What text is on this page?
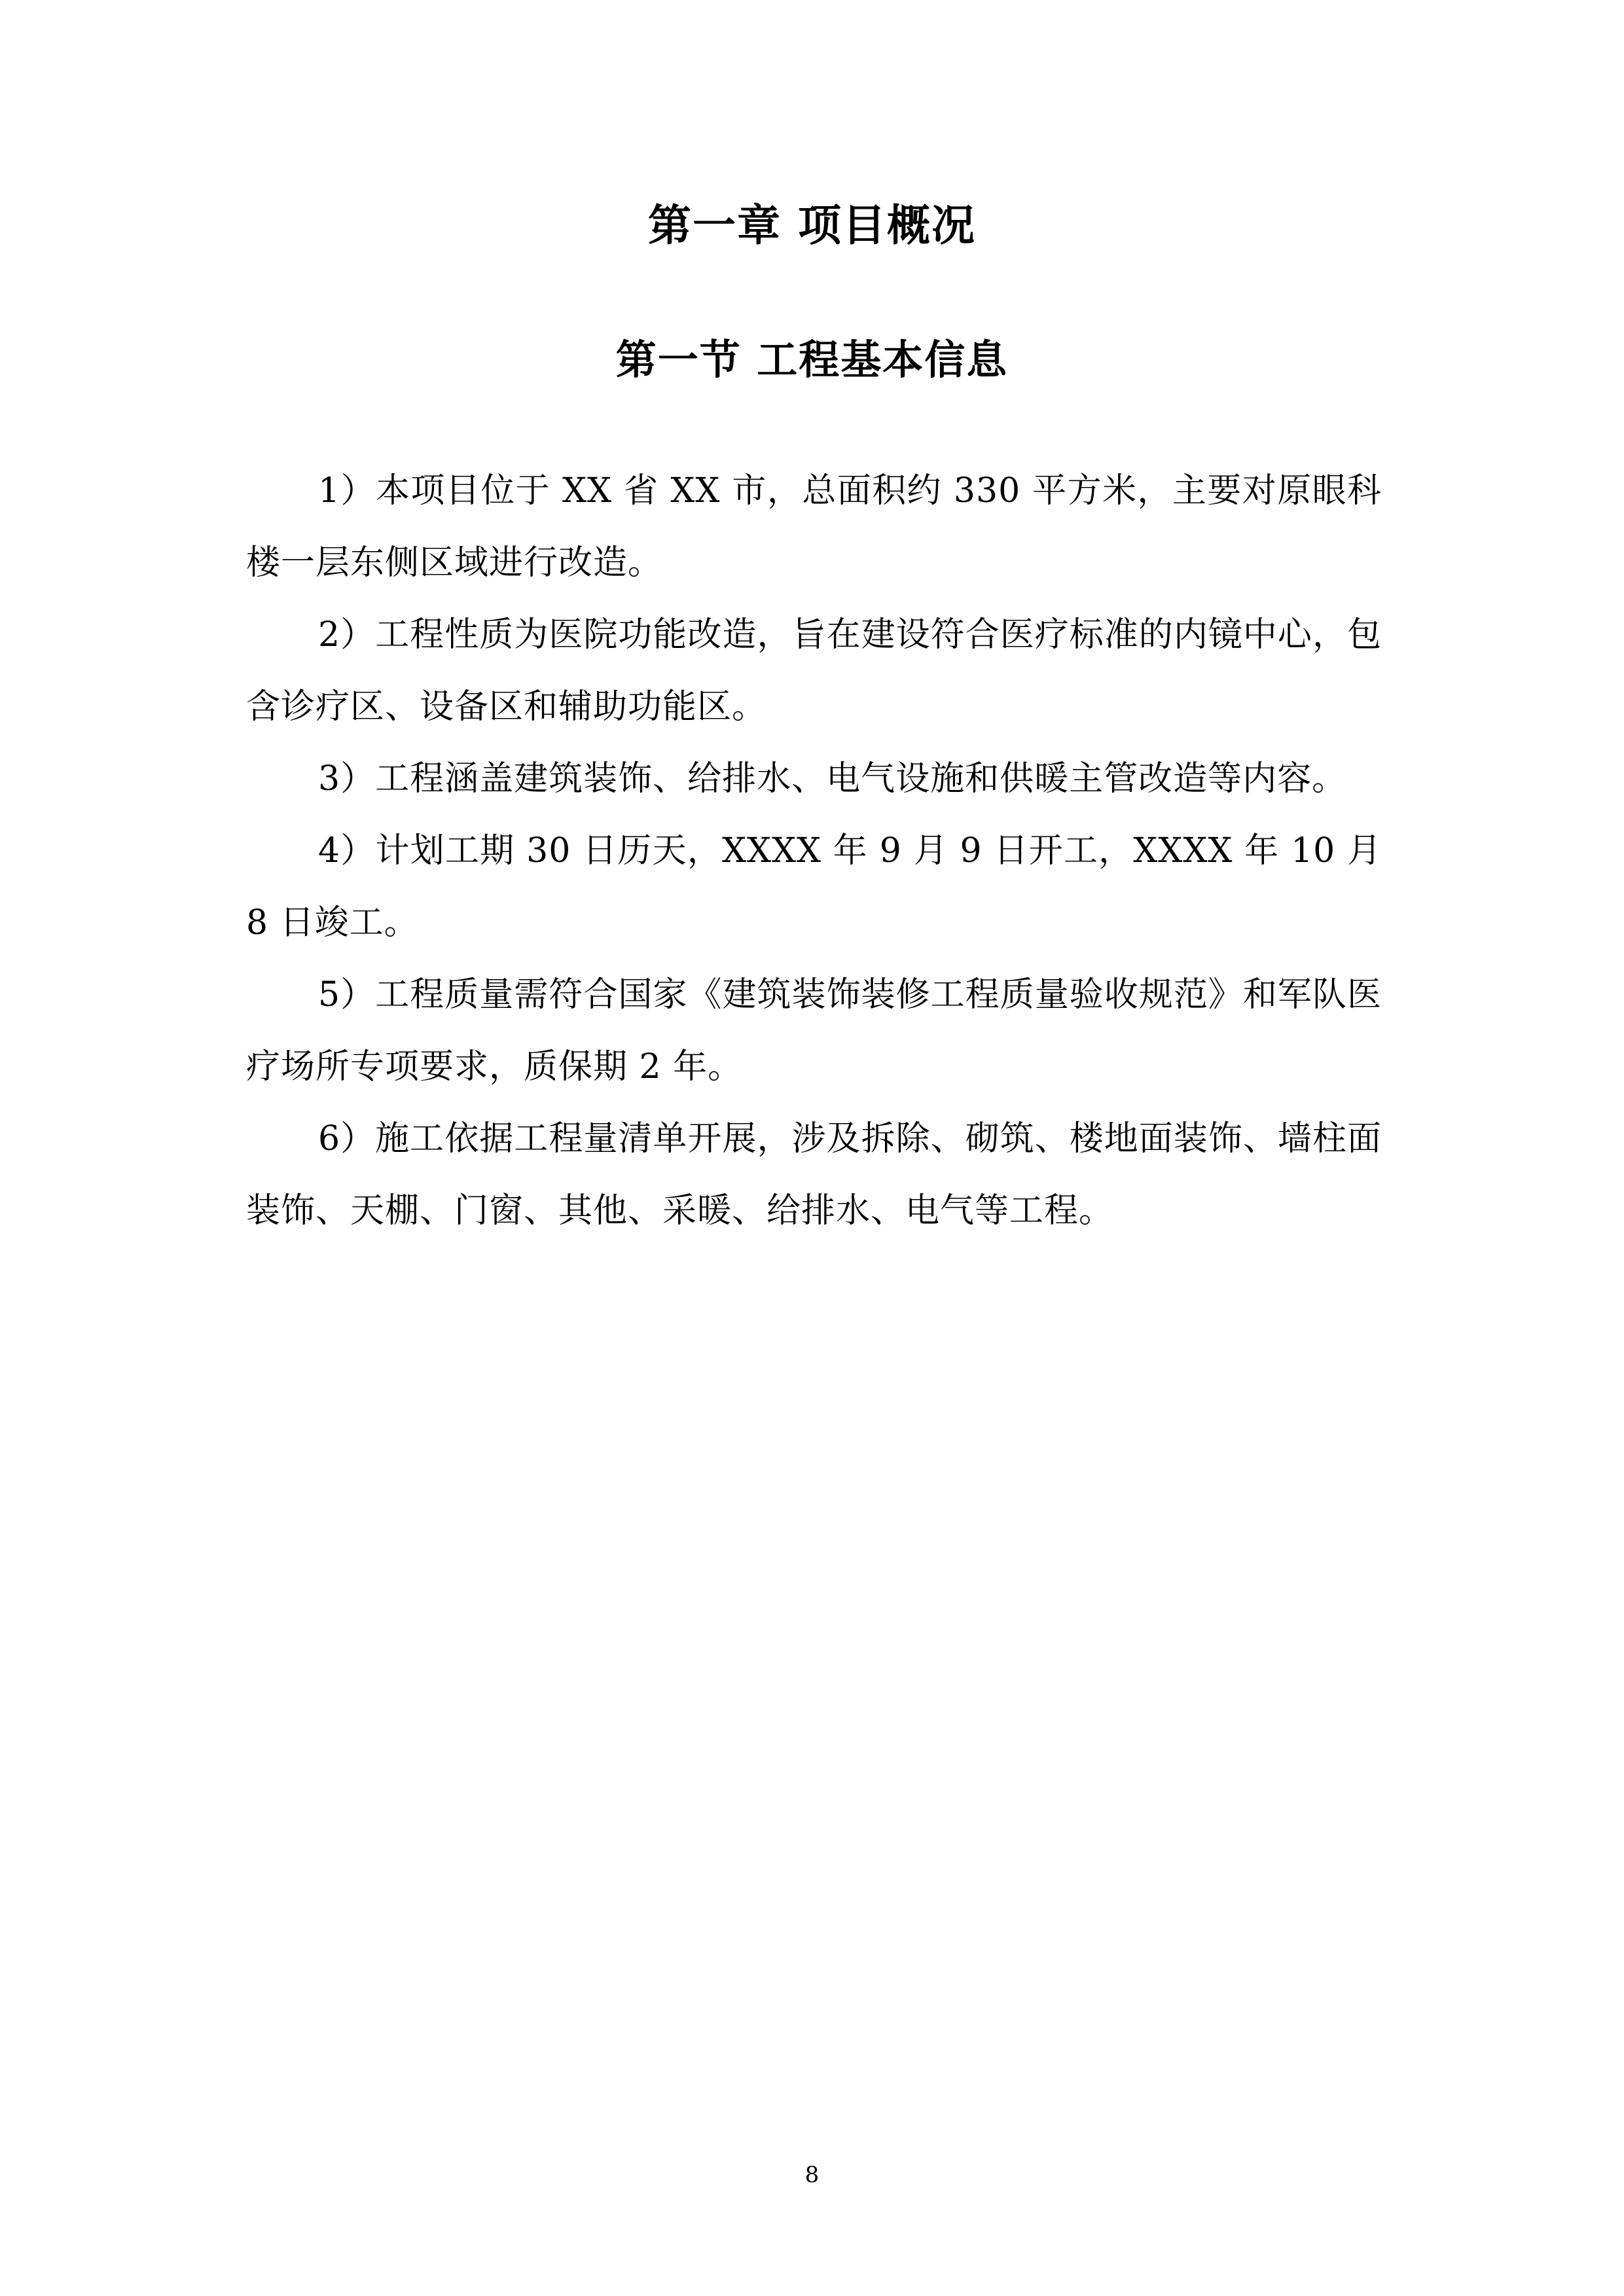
第一章 项目概况
第一节 工程基本信息

1）本项目位于 XX 省 XX 市，总面积约 330 平方米，主要对原眼科楼一层东侧区域进行改造。

2）工程性质为医院功能改造，旨在建设符合医疗标准的内镜中心，包含诊疗区、设备区和辅助功能区。

3）工程涵盖建筑装饰、给排水、电气设施和供暖主管改造等内容。

4）计划工期 30 日历天，XXXX 年 9 月 9 日开工，XXXX 年 10 月 8 日竣工。

5）工程质量需符合国家《建筑装饰装修工程质量验收规范》和军队医疗场所专项要求，质保期 2 年。

6）施工依据工程量清单开展，涉及拆除、砌筑、楼地面装饰、墙柱面装饰、天棚、门窗、其他、采暖、给排水、电气等工程。

8
